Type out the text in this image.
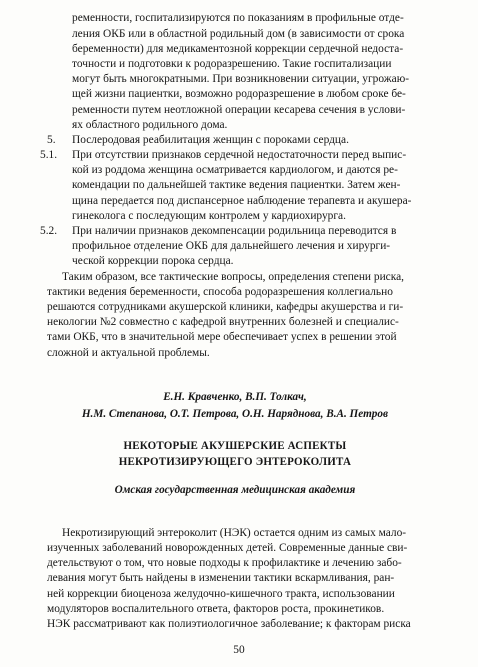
ременности, госпитализируются по показаниям в профильные отде-
ления ОКБ или в областной родильный дом (в зависимости от срока
беременности) для медикаментозной коррекции сердечной недоста-
точности и подготовки к родоразрешению. Такие госпитализации
могут быть многократными. При возникновении ситуации, угрожаю-
щей жизни пациентки, возможно родоразрешение в любом сроке бе-
ременности путем неотложной операции кесарева сечения в услови-
ях областного родильного дома.
5. Послеродовая реабилитация женщин с пороками сердца.
5.1. При отсутствии признаков сердечной недостаточности перед выпис-
кой из роддома женщина осматривается кардиологом, и даются ре-
комендации по дальнейшей тактике ведения пациентки. Затем жен-
щина передается под диспансерное наблюдение терапевта и акушера-
гинеколога с последующим контролем у кардиохирурга.
5.2. При наличии признаков декомпенсации родильница переводится в
профильное отделение ОКБ для дальнейшего лечения и хирурги-
ческой коррекции порока сердца.
Таким образом, все тактические вопросы, определения степени риска,
тактики ведения беременности, способа родоразрешения коллегиально
решаются сотрудниками акушерской клиники, кафедры акушерства и ги-
некологии №2 совместно с кафедрой внутренних болезней и специалис-
тами ОКБ, что в значительной мере обеспечивает успех в решении этой
сложной и актуальной проблемы.
Е.Н. Кравченко, В.П. Толкач,
Н.М. Степанова, О.Т. Петрова, О.Н. Наряднова, В.А. Петров
НЕКОТОРЫЕ АКУШЕРСКИЕ АСПЕКТЫ
НЕКРОТИЗИРУЮЩЕГО ЭНТЕРОКОЛИТА
Омская государственная медицинская академия
Некротизирующий энтероколит (НЭК) остается одним из самых мало-
изученных заболеваний новорожденных детей. Современные данные сви-
детельствуют о том, что новые подходы к профилактике и лечению забо-
левания могут быть найдены в изменении тактики вскармливания, ран-
ней коррекции биоценоза желудочно-кишечного тракта, использовании
модуляторов воспалительного ответа, факторов роста, прокинетиков.
НЭК рассматривают как полиэтиологичное заболевание; к факторам риска
50
